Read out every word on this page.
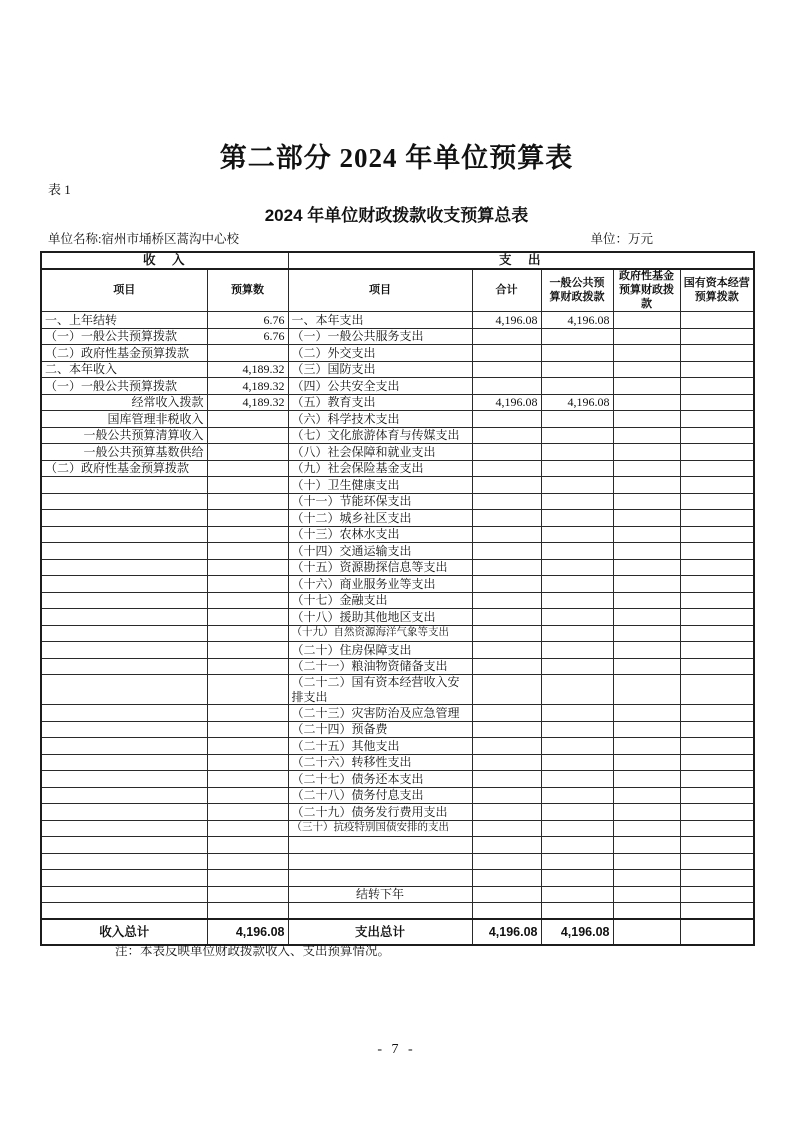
第二部分 2024 年单位预算表
表 1
2024 年单位财政拨款收支预算总表
单位名称:宿州市埇桥区蒿沟中心校	单位：万元
收　入		支　出				
项目	预算数	项目	合计	一般公共预算财政拨款	政府性基金预算财政拨款	国有资本经营预算拨款
一、上年结转	6.76	一、本年支出	4,196.08	4,196.08		
（一）一般公共预算拨款	6.76	（一）一般公共服务支出				
（二）政府性基金预算拨款		（二）外交支出				
二、本年收入	4,189.32	（三）国防支出				
（一）一般公共预算拨款	4,189.32	（四）公共安全支出				
经常收入拨款	4,189.32	（五）教育支出	4,196.08	4,196.08		
国库管理非税收入		（六）科学技术支出				
一般公共预算清算收入		（七）文化旅游体育与传媒支出				
一般公共预算基数供给		（八）社会保障和就业支出				
（二）政府性基金预算拨款		（九）社会保险基金支出				
		（十）卫生健康支出				
		（十一）节能环保支出				
		（十二）城乡社区支出				
		（十三）农林水支出				
		（十四）交通运输支出				
		（十五）资源勘探信息等支出				
		（十六）商业服务业等支出				
		（十七）金融支出				
		（十八）援助其他地区支出				
		（十九）自然资源海洋气象等支出				
		（二十）住房保障支出				
		（二十一）粮油物资储备支出				
		（二十二）国有资本经营收入安排支出				
		（二十三）灾害防治及应急管理				
		（二十四）预备费				
		（二十五）其他支出				
		（二十六）转移性支出				
		（二十七）债务还本支出				
		（二十八）债务付息支出				
		（二十九）债务发行费用支出				
		（三十）抗疫特别国债安排的支出				

		结转下年				

收入总计	4,196.08	支出总计	4,196.08	4,196.08		
注：本表反映单位财政拨款收入、支出预算情况。
- 7 -
